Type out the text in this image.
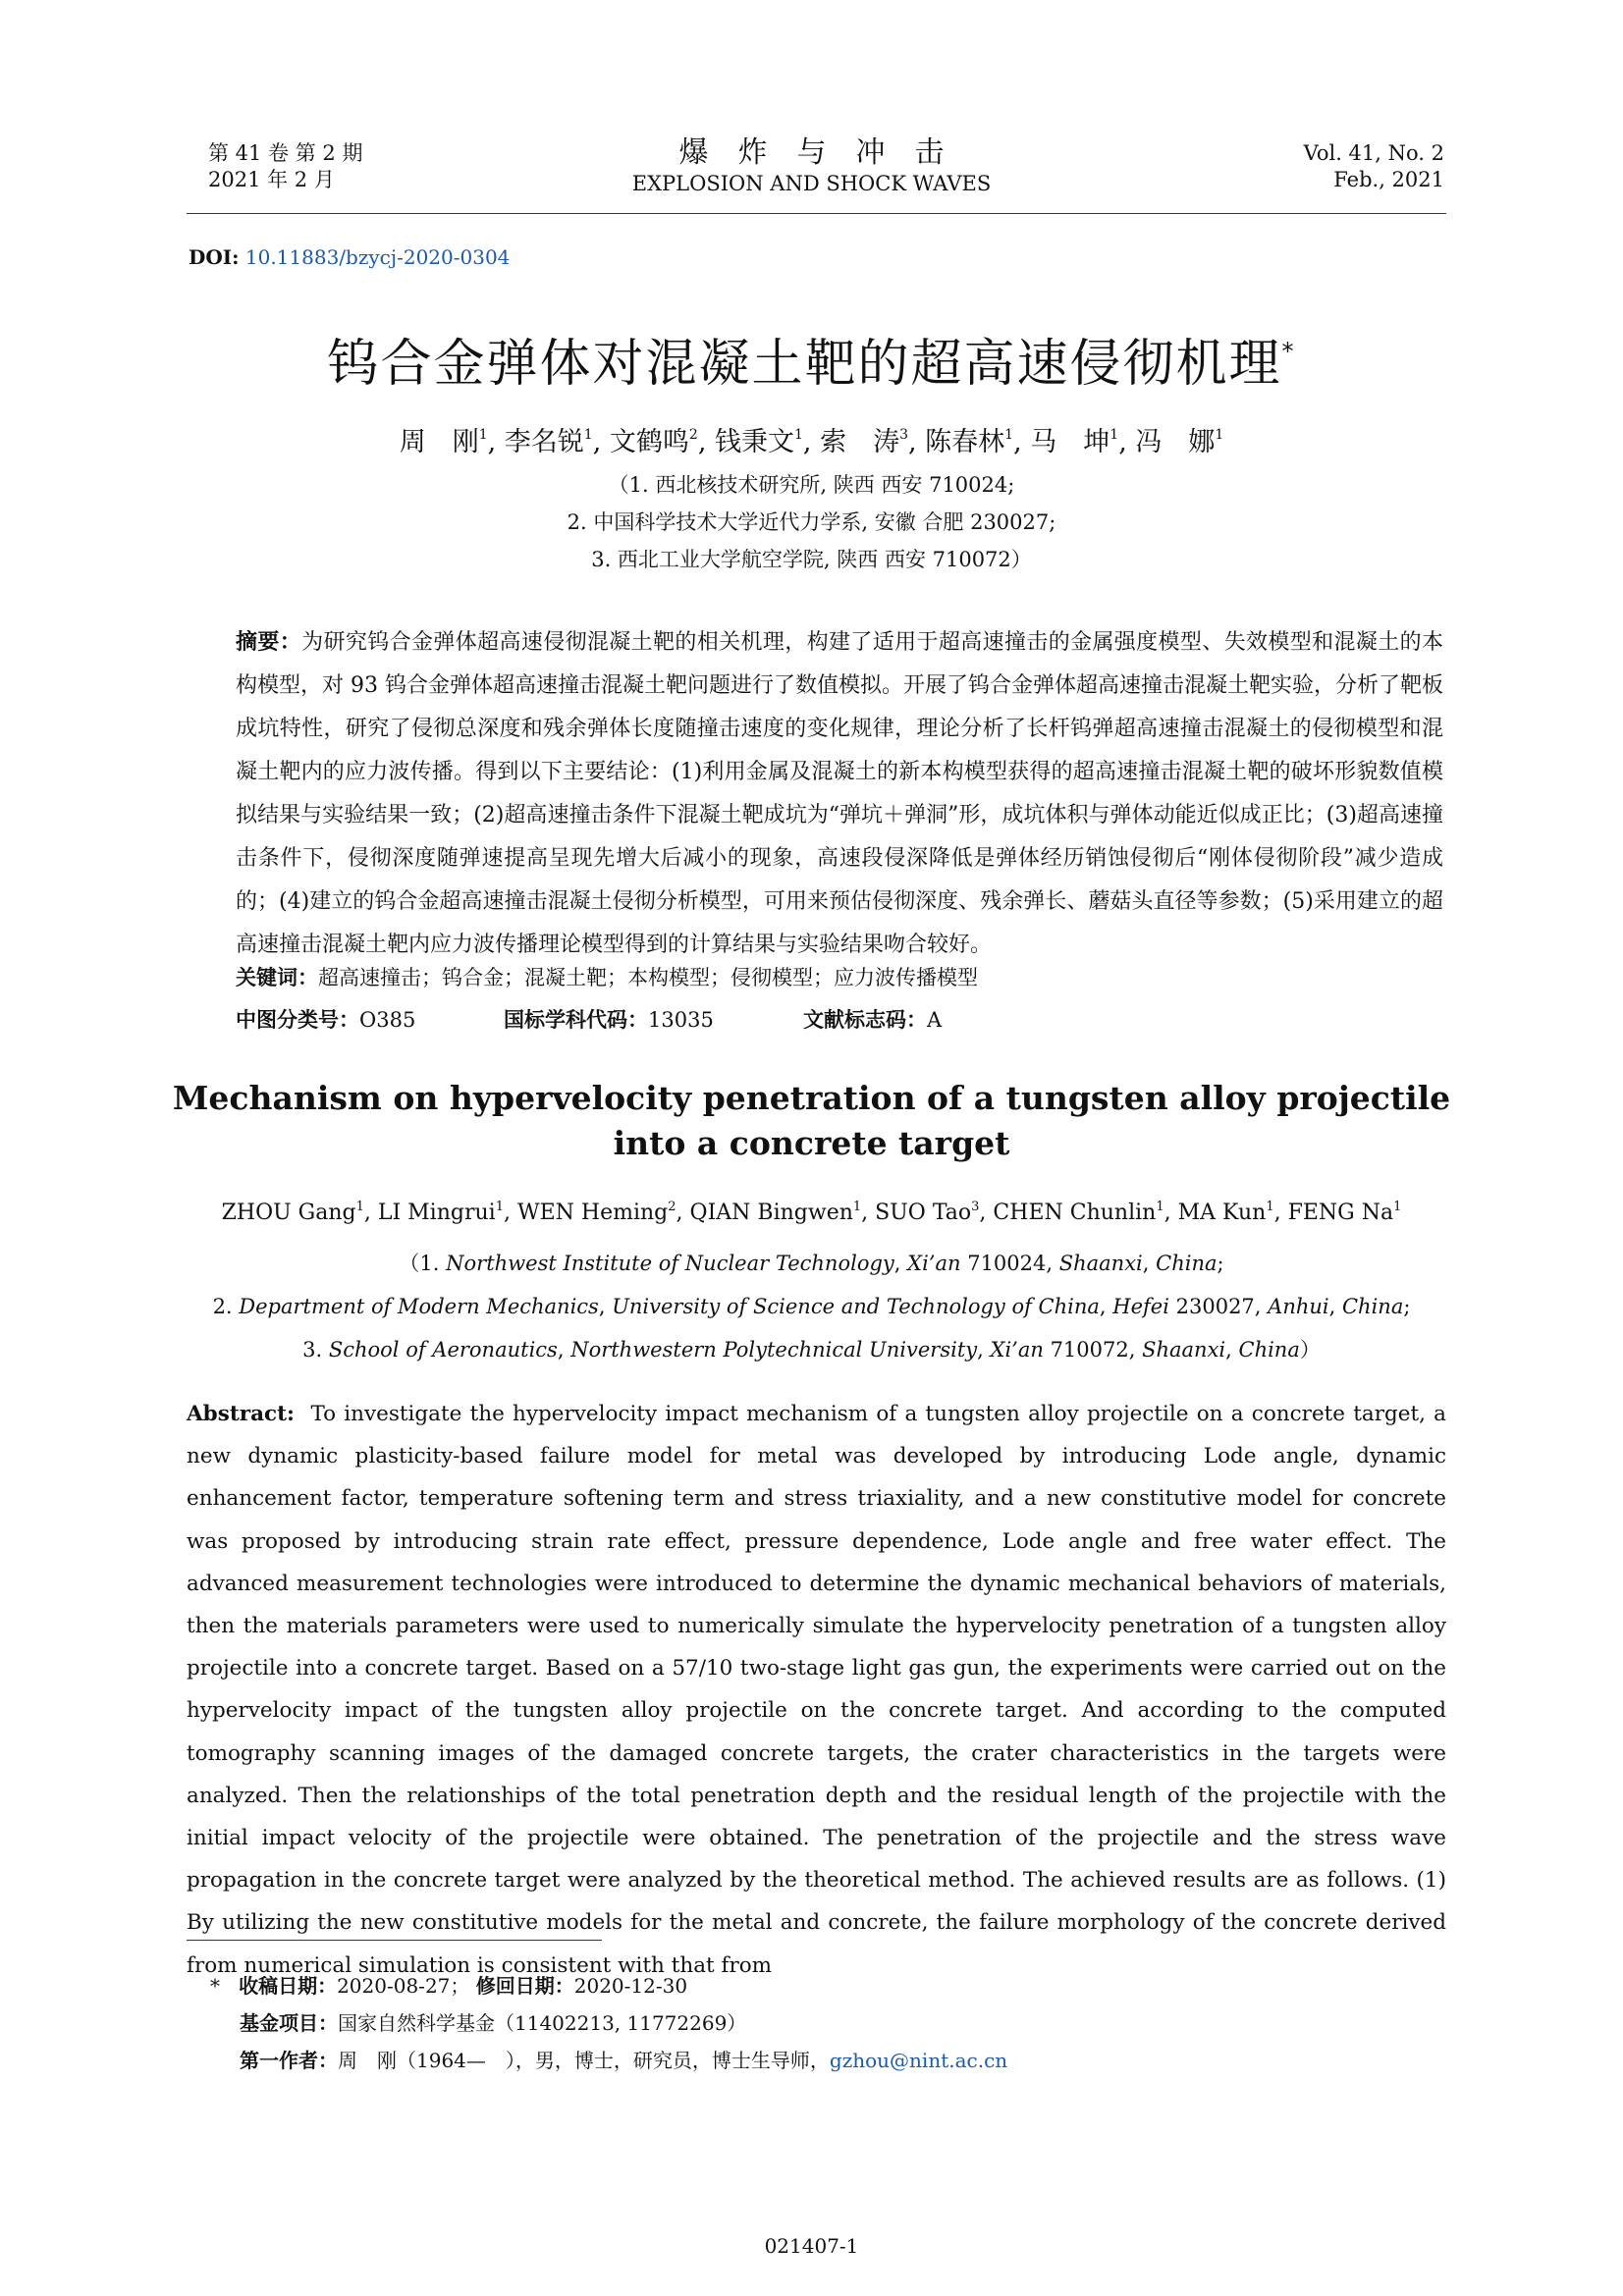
第 41 卷 第 2 期
2021 年 2 月
爆炸与冲击
EXPLOSION AND SHOCK WAVES
Vol. 41, No. 2
Feb., 2021
DOI: 10.11883/bzycj-2020-0304
钨合金弹体对混凝土靶的超高速侵彻机理*
周　刚$^1$, 李名锐$^1$, 文鹤鸣$^2$, 钱秉文$^1$, 索　涛$^3$, 陈春林$^1$, 马　坤$^1$, 冯　娜$^1$
（1. 西北核技术研究所, 陕西 西安 710024;
2. 中国科学技术大学近代力学系, 安徽 合肥 230027;
3. 西北工业大学航空学院, 陕西 西安 710072）
摘要：为研究钨合金弹体超高速侵彻混凝土靶的相关机理，构建了适用于超高速撞击的金属强度模型、失效模型和混凝土的本构模型，对 93 钨合金弹体超高速撞击混凝土靶问题进行了数值模拟。开展了钨合金弹体超高速撞击混凝土靶实验，分析了靶板成坑特性，研究了侵彻总深度和残余弹体长度随撞击速度的变化规律，理论分析了长杆钨弹超高速撞击混凝土的侵彻模型和混凝土靶内的应力波传播。得到以下主要结论：(1)利用金属及混凝土的新本构模型获得的超高速撞击混凝土靶的破坏形貌数值模拟结果与实验结果一致；(2)超高速撞击条件下混凝土靶成坑为“弹坑＋弹洞”形，成坑体积与弹体动能近似成正比；(3)超高速撞击条件下，侵彻深度随弹速提高呈现先增大后减小的现象，高速段侵深降低是弹体经历销蚀侵彻后“刚体侵彻阶段”减少造成的；(4)建立的钨合金超高速撞击混凝土侵彻分析模型，可用来预估侵彻深度、残余弹长、蘑菇头直径等参数；(5)采用建立的超高速撞击混凝土靶内应力波传播理论模型得到的计算结果与实验结果吻合较好。
关键词：超高速撞击；钨合金；混凝土靶；本构模型；侵彻模型；应力波传播模型
中图分类号：O385	国标学科代码：13035	文献标志码：A
Mechanism on hypervelocity penetration of a tungsten alloy projectile
into a concrete target
ZHOU Gang$^1$, LI Mingrui$^1$, WEN Heming$^2$, QIAN Bingwen$^1$, SUO Tao$^3$, CHEN Chunlin$^1$, MA Kun$^1$, FENG Na$^1$
（1. Northwest Institute of Nuclear Technology, Xi’an 710024, Shaanxi, China;
2. Department of Modern Mechanics, University of Science and Technology of China, Hefei 230027, Anhui, China;
3. School of Aeronautics, Northwestern Polytechnical University, Xi’an 710072, Shaanxi, China）
Abstract: To investigate the hypervelocity impact mechanism of a tungsten alloy projectile on a concrete target, a new dynamic plasticity-based failure model for metal was developed by introducing Lode angle, dynamic enhancement factor, temperature softening term and stress triaxiality, and a new constitutive model for concrete was proposed by introducing strain rate effect, pressure dependence, Lode angle and free water effect. The advanced measurement technologies were introduced to determine the dynamic mechanical behaviors of materials, then the materials parameters were used to numerically simulate the hypervelocity penetration of a tungsten alloy projectile into a concrete target. Based on a 57/10 two-stage light gas gun, the experiments were carried out on the hypervelocity impact of the tungsten alloy projectile on the concrete target. And according to the computed tomography scanning images of the damaged concrete targets, the crater characteristics in the targets were analyzed. Then the relationships of the total penetration depth and the residual length of the projectile with the initial impact velocity of the projectile were obtained. The penetration of the projectile and the stress wave propagation in the concrete target were analyzed by the theoretical method. The achieved results are as follows. (1) By utilizing the new constitutive models for the metal and concrete, the failure morphology of the concrete derived from numerical simulation is consistent with that from
* 收稿日期：2020-08-27； 修回日期：2020-12-30
基金项目：国家自然科学基金（11402213, 11772269）
第一作者：周　刚（1964—　），男，博士，研究员，博士生导师，gzhou@nint.ac.cn
021407-1
